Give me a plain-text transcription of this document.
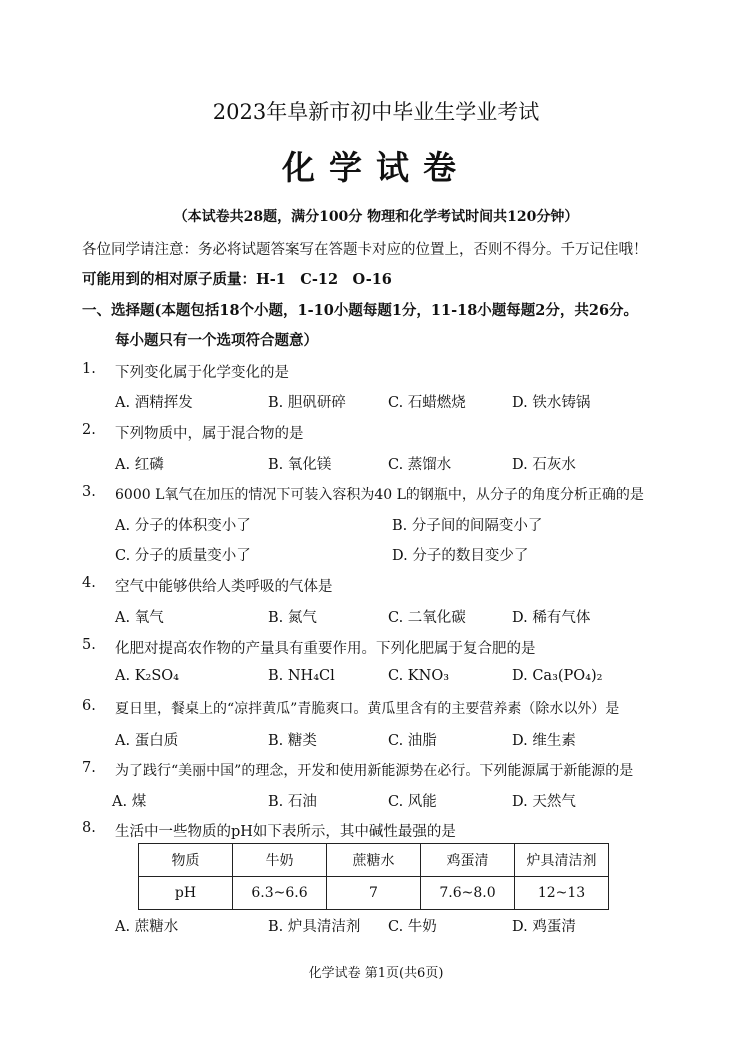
2023年阜新市初中毕业生学业考试
化学试卷
（本试卷共28题，满分100分 物理和化学考试时间共120分钟）
各位同学请注意：务必将试题答案写在答题卡对应的位置上，否则不得分。千万记住哦！
可能用到的相对原子质量：H-1　C-12　O-16
一、选择题(本题包括18个小题，1-10小题每题1分，11-18小题每题2分，共26分。
每小题只有一个选项符合题意）
1. 下列变化属于化学变化的是
A. 酒精挥发	B. 胆矾研碎	C. 石蜡燃烧	D. 铁水铸锅
2. 下列物质中，属于混合物的是
A. 红磷	B. 氧化镁	C. 蒸馏水	D. 石灰水
3. 6000 L氧气在加压的情况下可装入容积为40 L的钢瓶中，从分子的角度分析正确的是
A. 分子的体积变小了	B. 分子间的间隔变小了
C. 分子的质量变小了	D. 分子的数目变少了
4. 空气中能够供给人类呼吸的气体是
A. 氧气	B. 氮气	C. 二氧化碳	D. 稀有气体
5. 化肥对提高农作物的产量具有重要作用。下列化肥属于复合肥的是
A. K₂SO₄	B. NH₄Cl	C. KNO₃	D. Ca₃(PO₄)₂
6. 夏日里，餐桌上的“凉拌黄瓜”青脆爽口。黄瓜里含有的主要营养素（除水以外）是
A. 蛋白质	B. 糖类	C. 油脂	D. 维生素
7. 为了践行“美丽中国”的理念，开发和使用新能源势在必行。下列能源属于新能源的是
A. 煤	B. 石油	C. 风能	D. 天然气
8. 生活中一些物质的pH如下表所示，其中碱性最强的是
物质	牛奶	蔗糖水	鸡蛋清	炉具清洁剂
pH	6.3~6.6	7	7.6~8.0	12~13
A. 蔗糖水	B. 炉具清洁剂 C. 牛奶	D. 鸡蛋清
化学试卷 第1页(共6页)
